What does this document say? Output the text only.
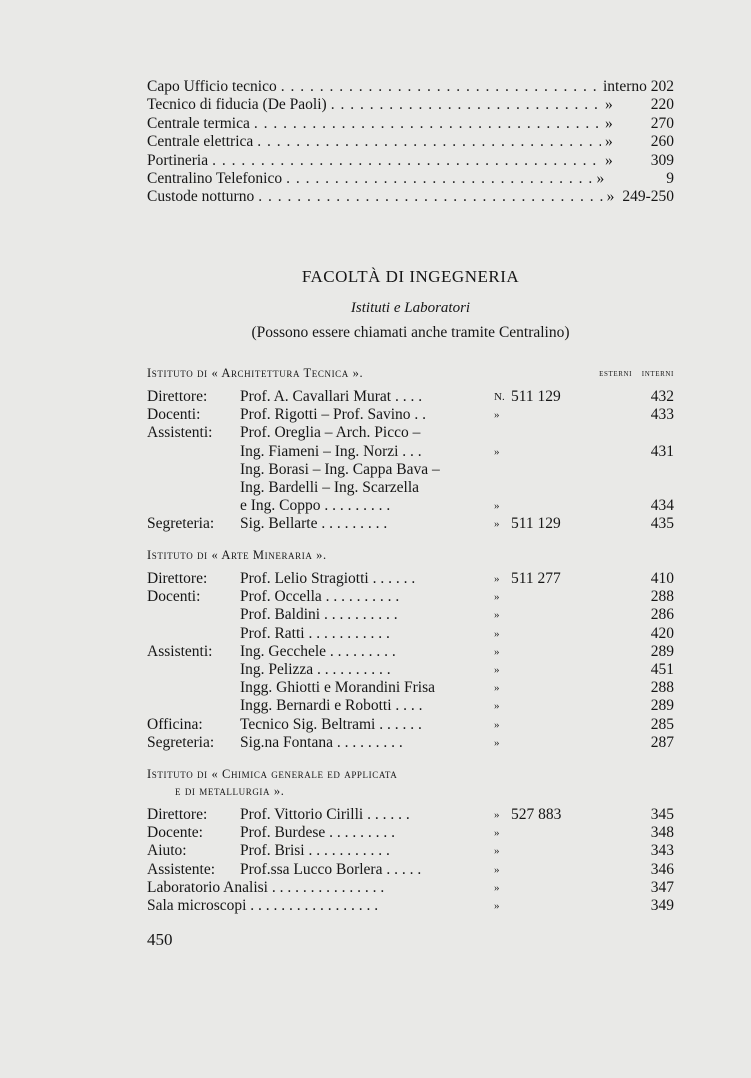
Capo Ufficio tecnico . . .	interno 202
Tecnico di fiducia (De Paoli) . . .	» 220
Centrale termica . . .	» 270
Centrale elettrica . . .	» 260
Portineria . . .	» 309
Centralino Telefonico . . .	»	9
Custode notturno . . .	» 249-250
FACOLTÀ DI INGEGNERIA
Istituti e Laboratori
(Possono essere chiamati anche tramite Centralino)
Istituto di « Architettura Tecnica ».	esterni   interni
Direttore: Prof. A. Cavallari Murat . . . .	N. 511 129	432
Docenti:	Prof. Rigotti – Prof. Savino . .	»	433
Assistenti: Prof. Oreglia – Arch. Picco –
Ing. Fiameni – Ing. Norzi . . .	»	431
Ing. Borasi – Ing. Cappa Bava –
Ing. Bardelli – Ing. Scarzella
e Ing. Coppo . . . . . . . . .	»	434
Segreteria: Sig. Bellarte . . . . . . . . .	» 511 129	435
Istituto di « Arte Mineraria ».
Direttore: Prof. Lelio Stragiotti . . . . . .	» 511 277	410
Docenti:	Prof. Occella . . . . . . . . . .	»	288
Prof. Baldini . . . . . . . . . .	»	286
Prof. Ratti . . . . . . . . . . .	»	420
Assistenti: Ing. Gecchele . . . . . . . . .	»	289
Ing. Pelizza . . . . . . . . . .	»	451
Ingg. Ghiotti e Morandini Frisa	»	288
Ingg. Bernardi e Robotti . . . .	»	289
Officina: Tecnico Sig. Beltrami . . . . . .	»	285
Segreteria: Sig.na Fontana . . . . . . . . .	»	287
Istituto di « Chimica generale ed applicata
e di metallurgia ».
Direttore: Prof. Vittorio Cirilli . . . . . .	» 527 883	345
Docente: Prof. Burdese . . . . . . . . .	»	348
Aiuto:	Prof. Brisi . . . . . . . . . . .	»	343
Assistente: Prof.ssa Lucco Borlera . . . . .	»	346
Laboratorio Analisi . . . . . . . . . . . . . . .	»	347
Sala microscopi . . . . . . . . . . . . . . . . .	»	349
450
